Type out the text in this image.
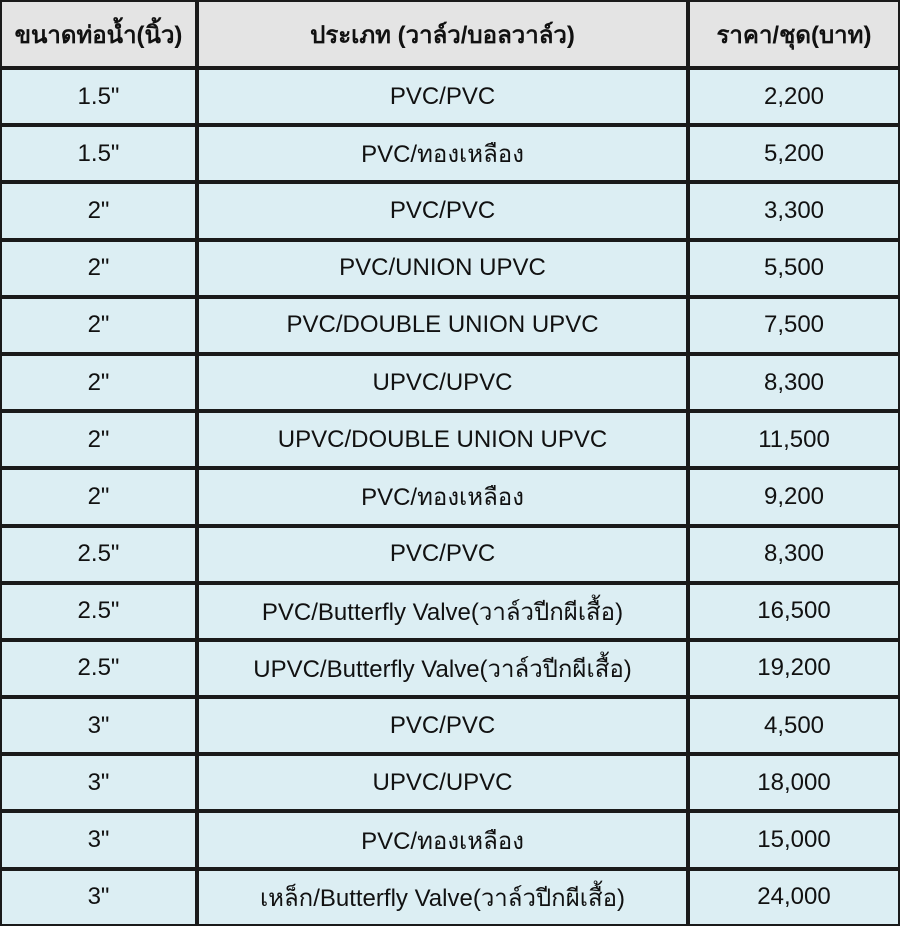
ขนาดท่อน้ำ(นิ้ว)	ประเภท (วาล์ว/บอลวาล์ว)	ราคา/ชุด(บาท)
1.5"	PVC/PVC	2,200
1.5"	PVC/ทองเหลือง	5,200
2"	PVC/PVC	3,300
2"	PVC/UNION UPVC	5,500
2"	PVC/DOUBLE UNION UPVC	7,500
2"	UPVC/UPVC	8,300
2"	UPVC/DOUBLE UNION UPVC	11,500
2"	PVC/ทองเหลือง	9,200
2.5"	PVC/PVC	8,300
2.5"	PVC/Butterfly Valve(วาล์วปีกผีเสื้อ)	16,500
2.5"	UPVC/Butterfly Valve(วาล์วปีกผีเสื้อ)	19,200
3"	PVC/PVC	4,500
3"	UPVC/UPVC	18,000
3"	PVC/ทองเหลือง	15,000
3"	เหล็ก/Butterfly Valve(วาล์วปีกผีเสื้อ)	24,000
